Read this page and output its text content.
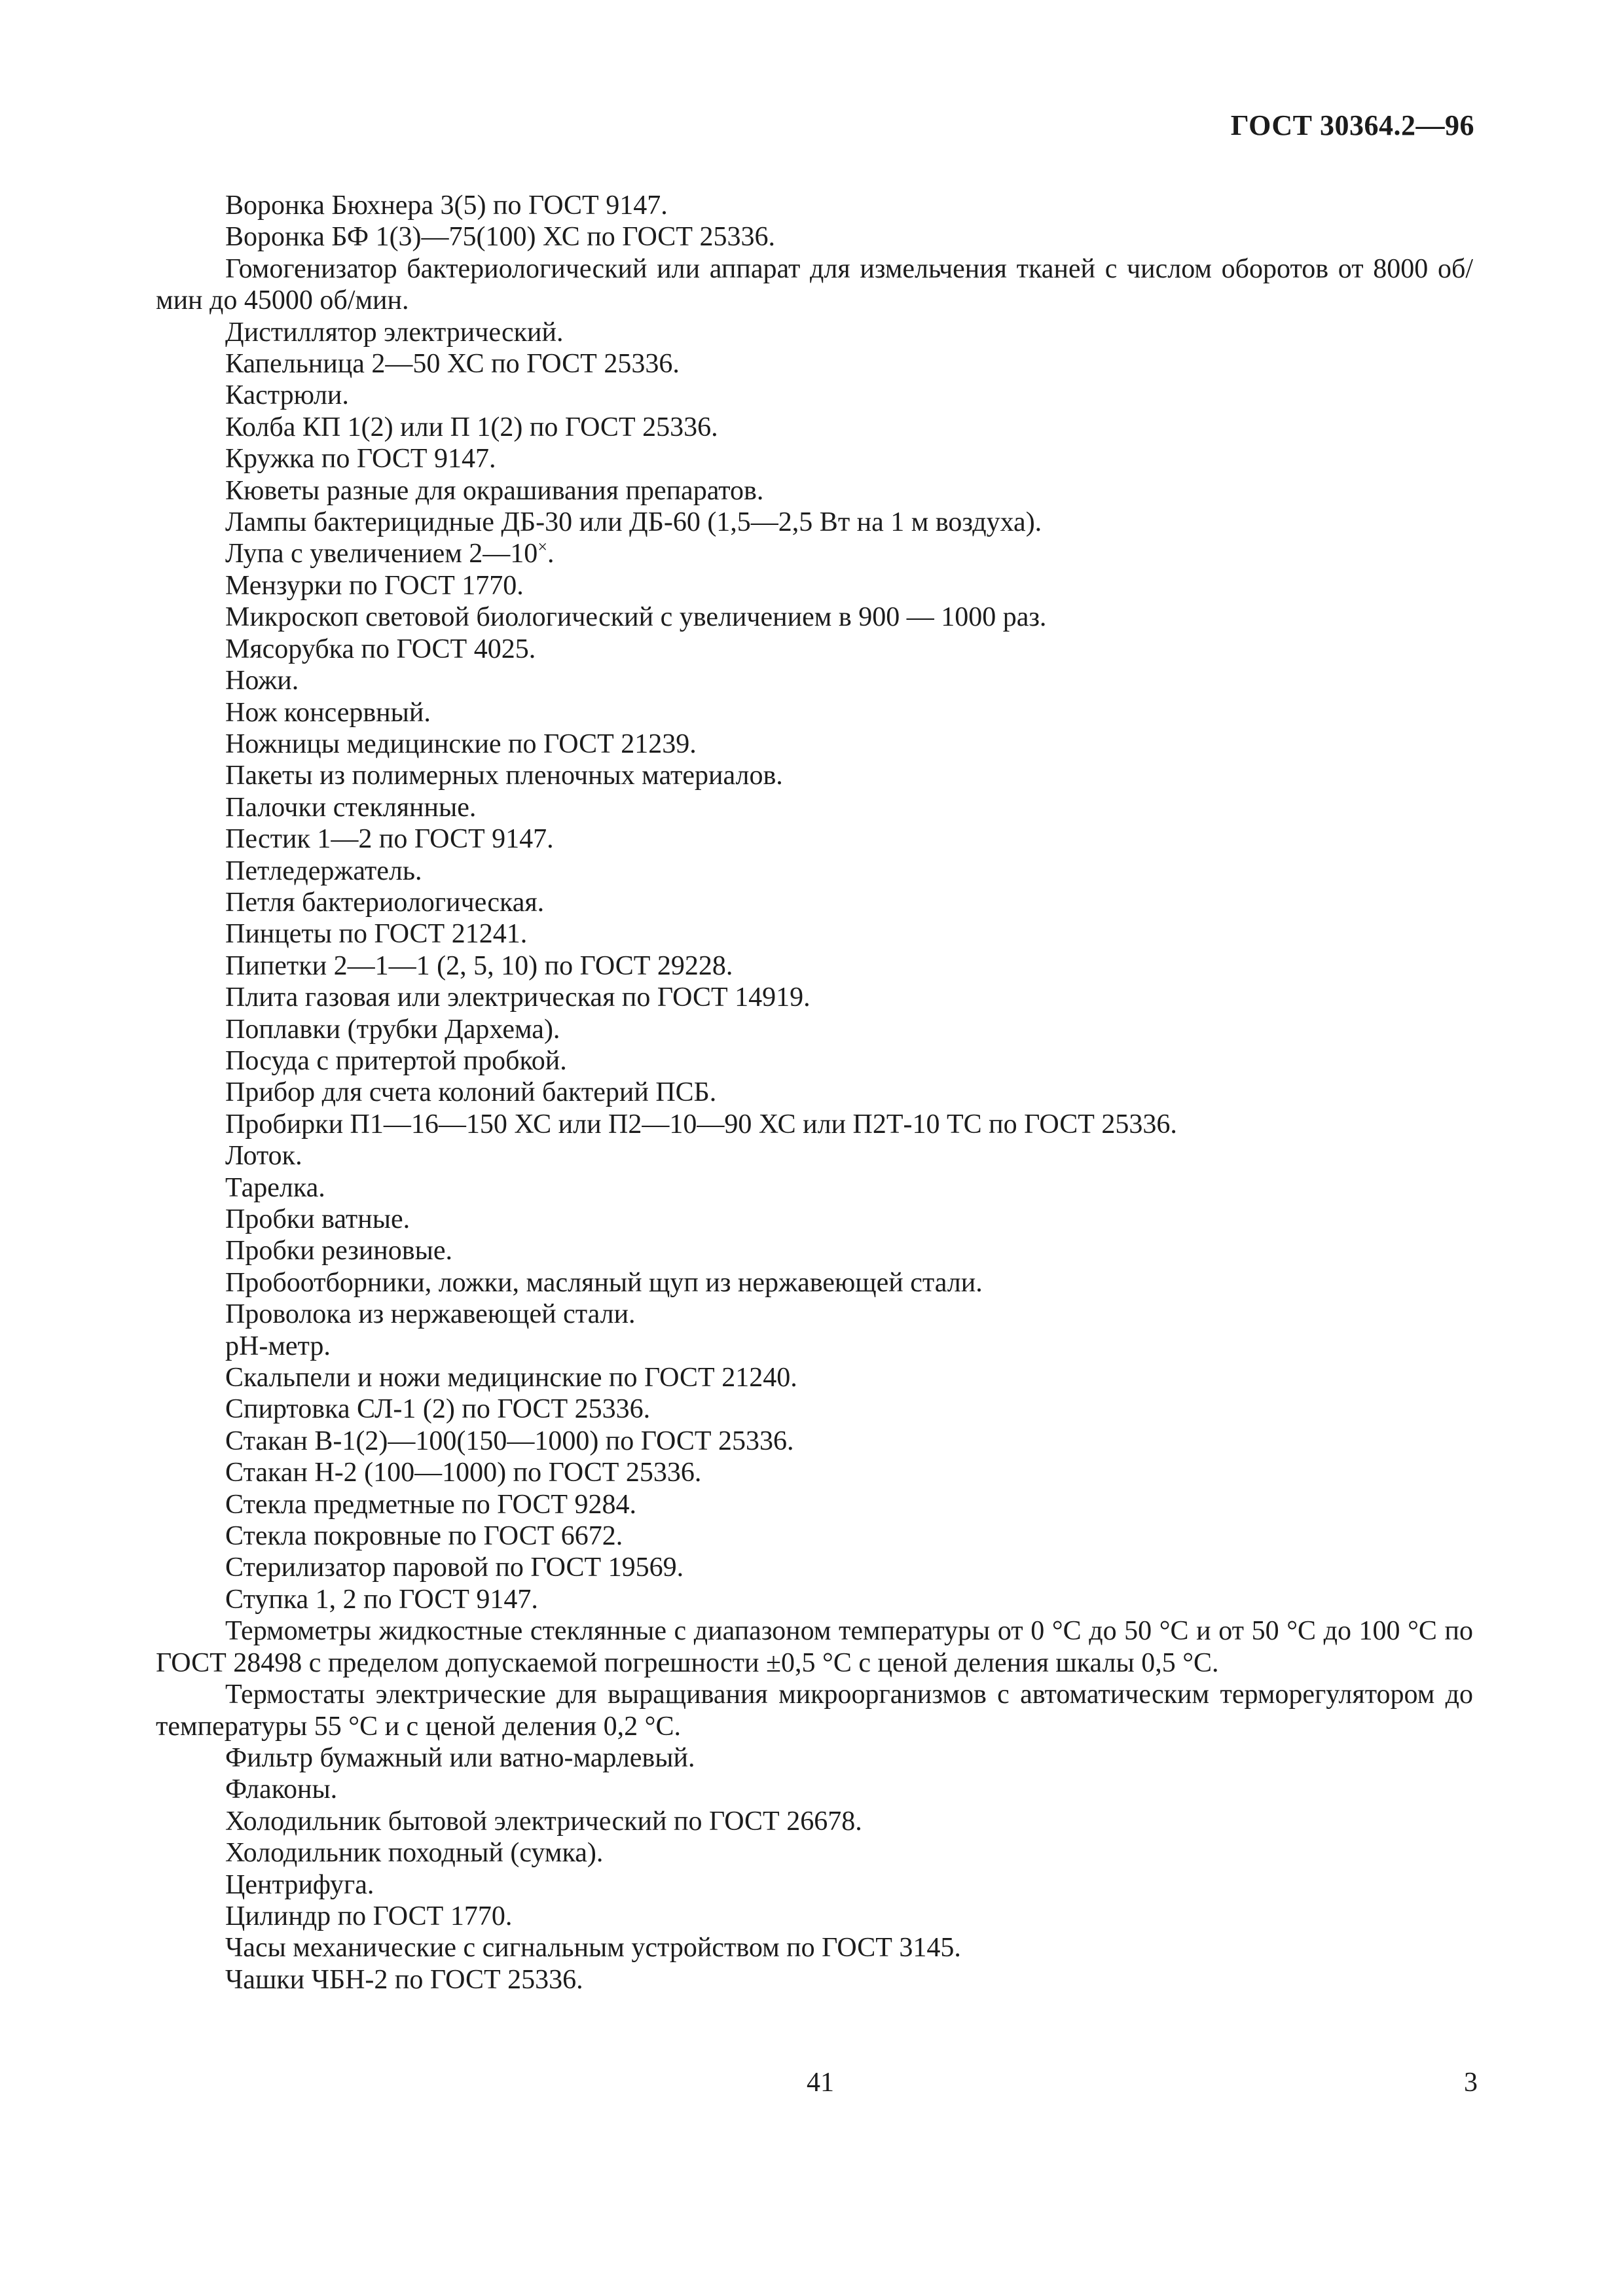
ГОСТ 30364.2—96

Воронка Бюхнера 3(5) по ГОСТ 9147.

Воронка БФ 1(3)—75(100) ХС по ГОСТ 25336.

Гомогенизатор бактериологический или аппарат для измельчения тканей с числом оборотов от 8000 об/мин до 45000 об/мин.

Дистиллятор электрический.

Капельница 2—50 ХС по ГОСТ 25336.

Кастрюли.

Колба КП 1(2) или П 1(2) по ГОСТ 25336.

Кружка по ГОСТ 9147.

Кюветы разные для окрашивания препаратов.

Лампы бактерицидные ДБ-30 или ДБ-60 (1,5—2,5 Вт на 1 м воздуха).

Лупа с увеличением 2—10×.

Мензурки по ГОСТ 1770.

Микроскоп световой биологический с увеличением в 900 — 1000 раз.

Мясорубка по ГОСТ 4025.

Ножи.

Нож консервный.

Ножницы медицинские по ГОСТ 21239.

Пакеты из полимерных пленочных материалов.

Палочки стеклянные.

Пестик 1—2 по ГОСТ 9147.

Петледержатель.

Петля бактериологическая.

Пинцеты по ГОСТ 21241.

Пипетки 2—1—1 (2, 5, 10) по ГОСТ 29228.

Плита газовая или электрическая по ГОСТ 14919.

Поплавки (трубки Дархема).

Посуда с притертой пробкой.

Прибор для счета колоний бактерий ПСБ.

Пробирки П1—16—150 ХС или П2—10—90 ХС или П2Т-10 ТС по ГОСТ 25336.

Лоток.

Тарелка.

Пробки ватные.

Пробки резиновые.

Пробоотборники, ложки, масляный щуп из нержавеющей стали.

Проволока из нержавеющей стали.

рН-метр.

Скальпели и ножи медицинские по ГОСТ 21240.

Спиртовка СЛ-1 (2) по ГОСТ 25336.

Стакан В-1(2)—100(150—1000) по ГОСТ 25336.

Стакан Н-2 (100—1000) по ГОСТ 25336.

Стекла предметные по ГОСТ 9284.

Стекла покровные по ГОСТ 6672.

Стерилизатор паровой по ГОСТ 19569.

Ступка 1, 2 по ГОСТ 9147.

Термометры жидкостные стеклянные с диапазоном температуры от 0 °С до 50 °С и от 50 °С до 100 °С по ГОСТ 28498 с пределом допускаемой погрешности ±0,5 °С с ценой деления шкалы 0,5 °С.

Термостаты электрические для выращивания микроорганизмов с автоматическим терморегулятором до температуры 55 °С и с ценой деления 0,2 °С.

Фильтр бумажный или ватно-марлевый.

Флаконы.

Холодильник бытовой электрический по ГОСТ 26678.

Холодильник походный (сумка).

Центрифуга.

Цилиндр по ГОСТ 1770.

Часы механические с сигнальным устройством по ГОСТ 3145.

Чашки ЧБН-2 по ГОСТ 25336.

41	3
